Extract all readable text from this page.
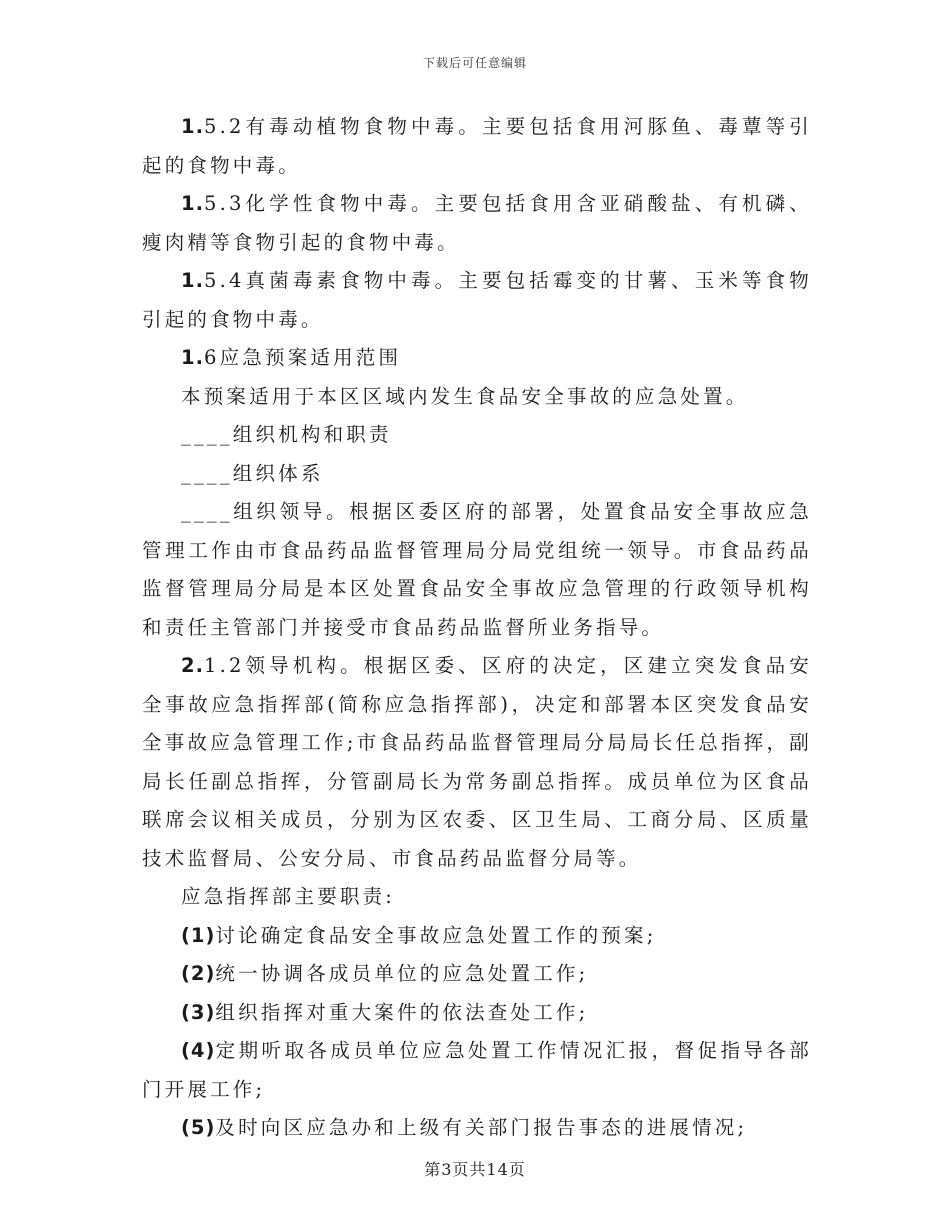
下载后可任意编辑

1.5.2有毒动植物食物中毒。主要包括食用河豚鱼、毒蕈等引起的食物中毒。

1.5.3化学性食物中毒。主要包括食用含亚硝酸盐、有机磷、瘦肉精等食物引起的食物中毒。

1.5.4真菌毒素食物中毒。主要包括霉变的甘薯、玉米等食物引起的食物中毒。

1.6应急预案适用范围

本预案适用于本区区域内发生食品安全事故的应急处置。

____组织机构和职责

____组织体系

____组织领导。根据区委区府的部署，处置食品安全事故应急管理工作由市食品药品监督管理局分局党组统一领导。市食品药品监督管理局分局是本区处置食品安全事故应急管理的行政领导机构和责任主管部门并接受市食品药品监督所业务指导。

2.1.2领导机构。根据区委、区府的决定，区建立突发食品安全事故应急指挥部(简称应急指挥部)，决定和部署本区突发食品安全事故应急管理工作;市食品药品监督管理局分局局长任总指挥，副局长任副总指挥，分管副局长为常务副总指挥。成员单位为区食品联席会议相关成员，分别为区农委、区卫生局、工商分局、区质量技术监督局、公安分局、市食品药品监督分局等。

应急指挥部主要职责:

(1)讨论确定食品安全事故应急处置工作的预案;

(2)统一协调各成员单位的应急处置工作;

(3)组织指挥对重大案件的依法查处工作;

(4)定期听取各成员单位应急处置工作情况汇报，督促指导各部门开展工作;

(5)及时向区应急办和上级有关部门报告事态的进展情况;

第3页共14页
